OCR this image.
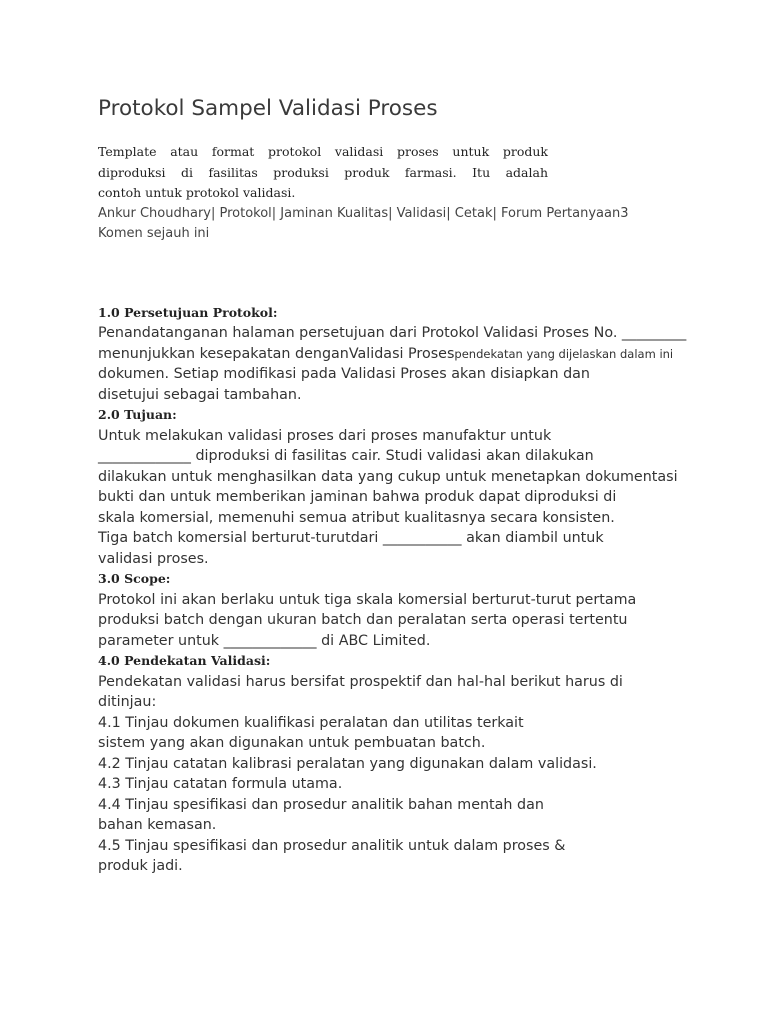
Protokol Sampel Validasi Proses
Template atau format protokol validasi proses untuk produk
diproduksi di fasilitas produksi produk farmasi. Itu adalah
contoh untuk protokol validasi.
Ankur Choudhary| Protokol| Jaminan Kualitas| Validasi| Cetak| Forum Pertanyaan3
Komen sejauh ini
1.0 Persetujuan Protokol:
Penandatanganan halaman persetujuan dari Protokol Validasi Proses No. _________
menunjukkan kesepakatan denganValidasi Prosespendekatan yang dijelaskan dalam ini
dokumen. Setiap modifikasi pada Validasi Proses akan disiapkan dan
disetujui sebagai tambahan.
2.0 Tujuan:
Untuk melakukan validasi proses dari proses manufaktur untuk
_____________ diproduksi di fasilitas cair. Studi validasi akan dilakukan
dilakukan untuk menghasilkan data yang cukup untuk menetapkan dokumentasi
bukti dan untuk memberikan jaminan bahwa produk dapat diproduksi di
skala komersial, memenuhi semua atribut kualitasnya secara konsisten.
Tiga batch komersial berturut-turutdari ___________ akan diambil untuk
validasi proses.
3.0 Scope:
Protokol ini akan berlaku untuk tiga skala komersial berturut-turut pertama
produksi batch dengan ukuran batch dan peralatan serta operasi tertentu
parameter untuk _____________ di ABC Limited.
4.0 Pendekatan Validasi:
Pendekatan validasi harus bersifat prospektif dan hal-hal berikut harus di
ditinjau:
4.1 Tinjau dokumen kualifikasi peralatan dan utilitas terkait
sistem yang akan digunakan untuk pembuatan batch.
4.2 Tinjau catatan kalibrasi peralatan yang digunakan dalam validasi.
4.3 Tinjau catatan formula utama.
4.4 Tinjau spesifikasi dan prosedur analitik bahan mentah dan
bahan kemasan.
4.5 Tinjau spesifikasi dan prosedur analitik untuk dalam proses &
produk jadi.
